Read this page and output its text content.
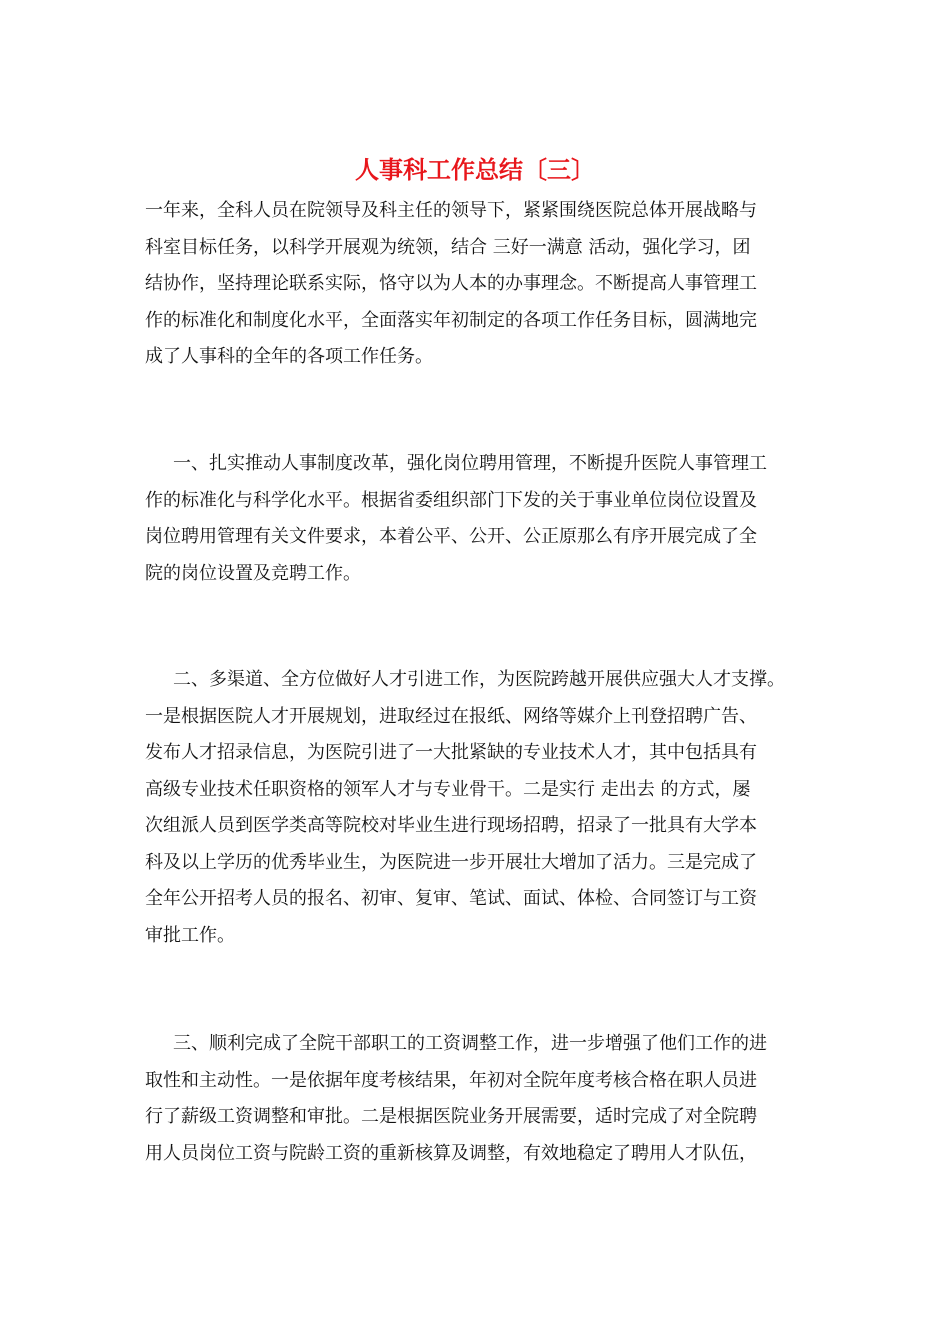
人事科工作总结〔三〕

一年来，全科人员在院领导及科主任的领导下，紧紧围绕医院总体开展战略与
科室目标任务，以科学开展观为统领，结合 三好一满意 活动，强化学习，团
结协作，坚持理论联系实际，恪守以为人本的办事理念。不断提高人事管理工
作的标准化和制度化水平，全面落实年初制定的各项工作任务目标，圆满地完
成了人事科的全年的各项工作任务。

一、扎实推动人事制度改革，强化岗位聘用管理，不断提升医院人事管理工
作的标准化与科学化水平。根据省委组织部门下发的关于事业单位岗位设置及
岗位聘用管理有关文件要求，本着公平、公开、公正原那么有序开展完成了全
院的岗位设置及竞聘工作。

二、多渠道、全方位做好人才引进工作，为医院跨越开展供应强大人才支撑。
一是根据医院人才开展规划，进取经过在报纸、网络等媒介上刊登招聘广告、
发布人才招录信息，为医院引进了一大批紧缺的专业技术人才，其中包括具有
高级专业技术任职资格的领军人才与专业骨干。二是实行 走出去 的方式，屡
次组派人员到医学类高等院校对毕业生进行现场招聘，招录了一批具有大学本
科及以上学历的优秀毕业生，为医院进一步开展壮大增加了活力。三是完成了
全年公开招考人员的报名、初审、复审、笔试、面试、体检、合同签订与工资
审批工作。

三、顺利完成了全院干部职工的工资调整工作，进一步增强了他们工作的进
取性和主动性。一是依据年度考核结果，年初对全院年度考核合格在职人员进
行了薪级工资调整和审批。二是根据医院业务开展需要，适时完成了对全院聘
用人员岗位工资与院龄工资的重新核算及调整，有效地稳定了聘用人才队伍，
